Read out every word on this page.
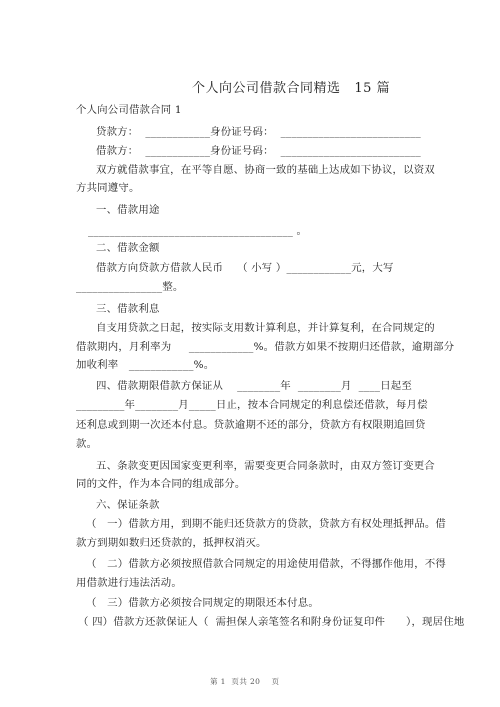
个人向公司借款合同精选   15 篇
个人向公司借款合同 1
贷款方：  ____________身份证号码：  __________________________
借款方：  ____________身份证号码：  __________________________
双方就借款事宜，在平等自愿、协商一致的基础上达成如下协议，以资双
方共同遵守。
一、借款用途
______________________________________ 。
二、借款金额
借款方向贷款方借款人民币    （ 小写 ）____________元，大写
________________整。
三、借款利息
自支用贷款之日起，按实际支用数计算利息，并计算复利，在合同规定的
借款期内，月利率为     ____________%。借款方如果不按期归还借款，逾期部分
加收利率   ____________%。
四、借款期限借款方保证从    ________年  ________月  ____日起至
_________年________月_____日止，按本合同规定的利息偿还借款，每月偿
还利息或到期一次还本付息。贷款逾期不还的部分，贷款方有权限期追回贷
款。
五、条款变更因国家变更利率，需要变更合同条款时，由双方签订变更合
同的文件，作为本合同的组成部分。
六、保证条款
（   一）借款方用，到期不能归还贷款方的贷款，贷款方有权处理抵押品。借
款方到期如数归还贷款的，抵押权消灭。
（   二）借款方必须按照借款合同规定的用途使用借款，不得挪作他用，不得
用借款进行违法活动。
（   三）借款方必须按合同规定的期限还本付息。
（ 四）借款方还款保证人（  需担保人亲笔签名和附身份证复印件      ），现居住地
第 1  页共 20    页
